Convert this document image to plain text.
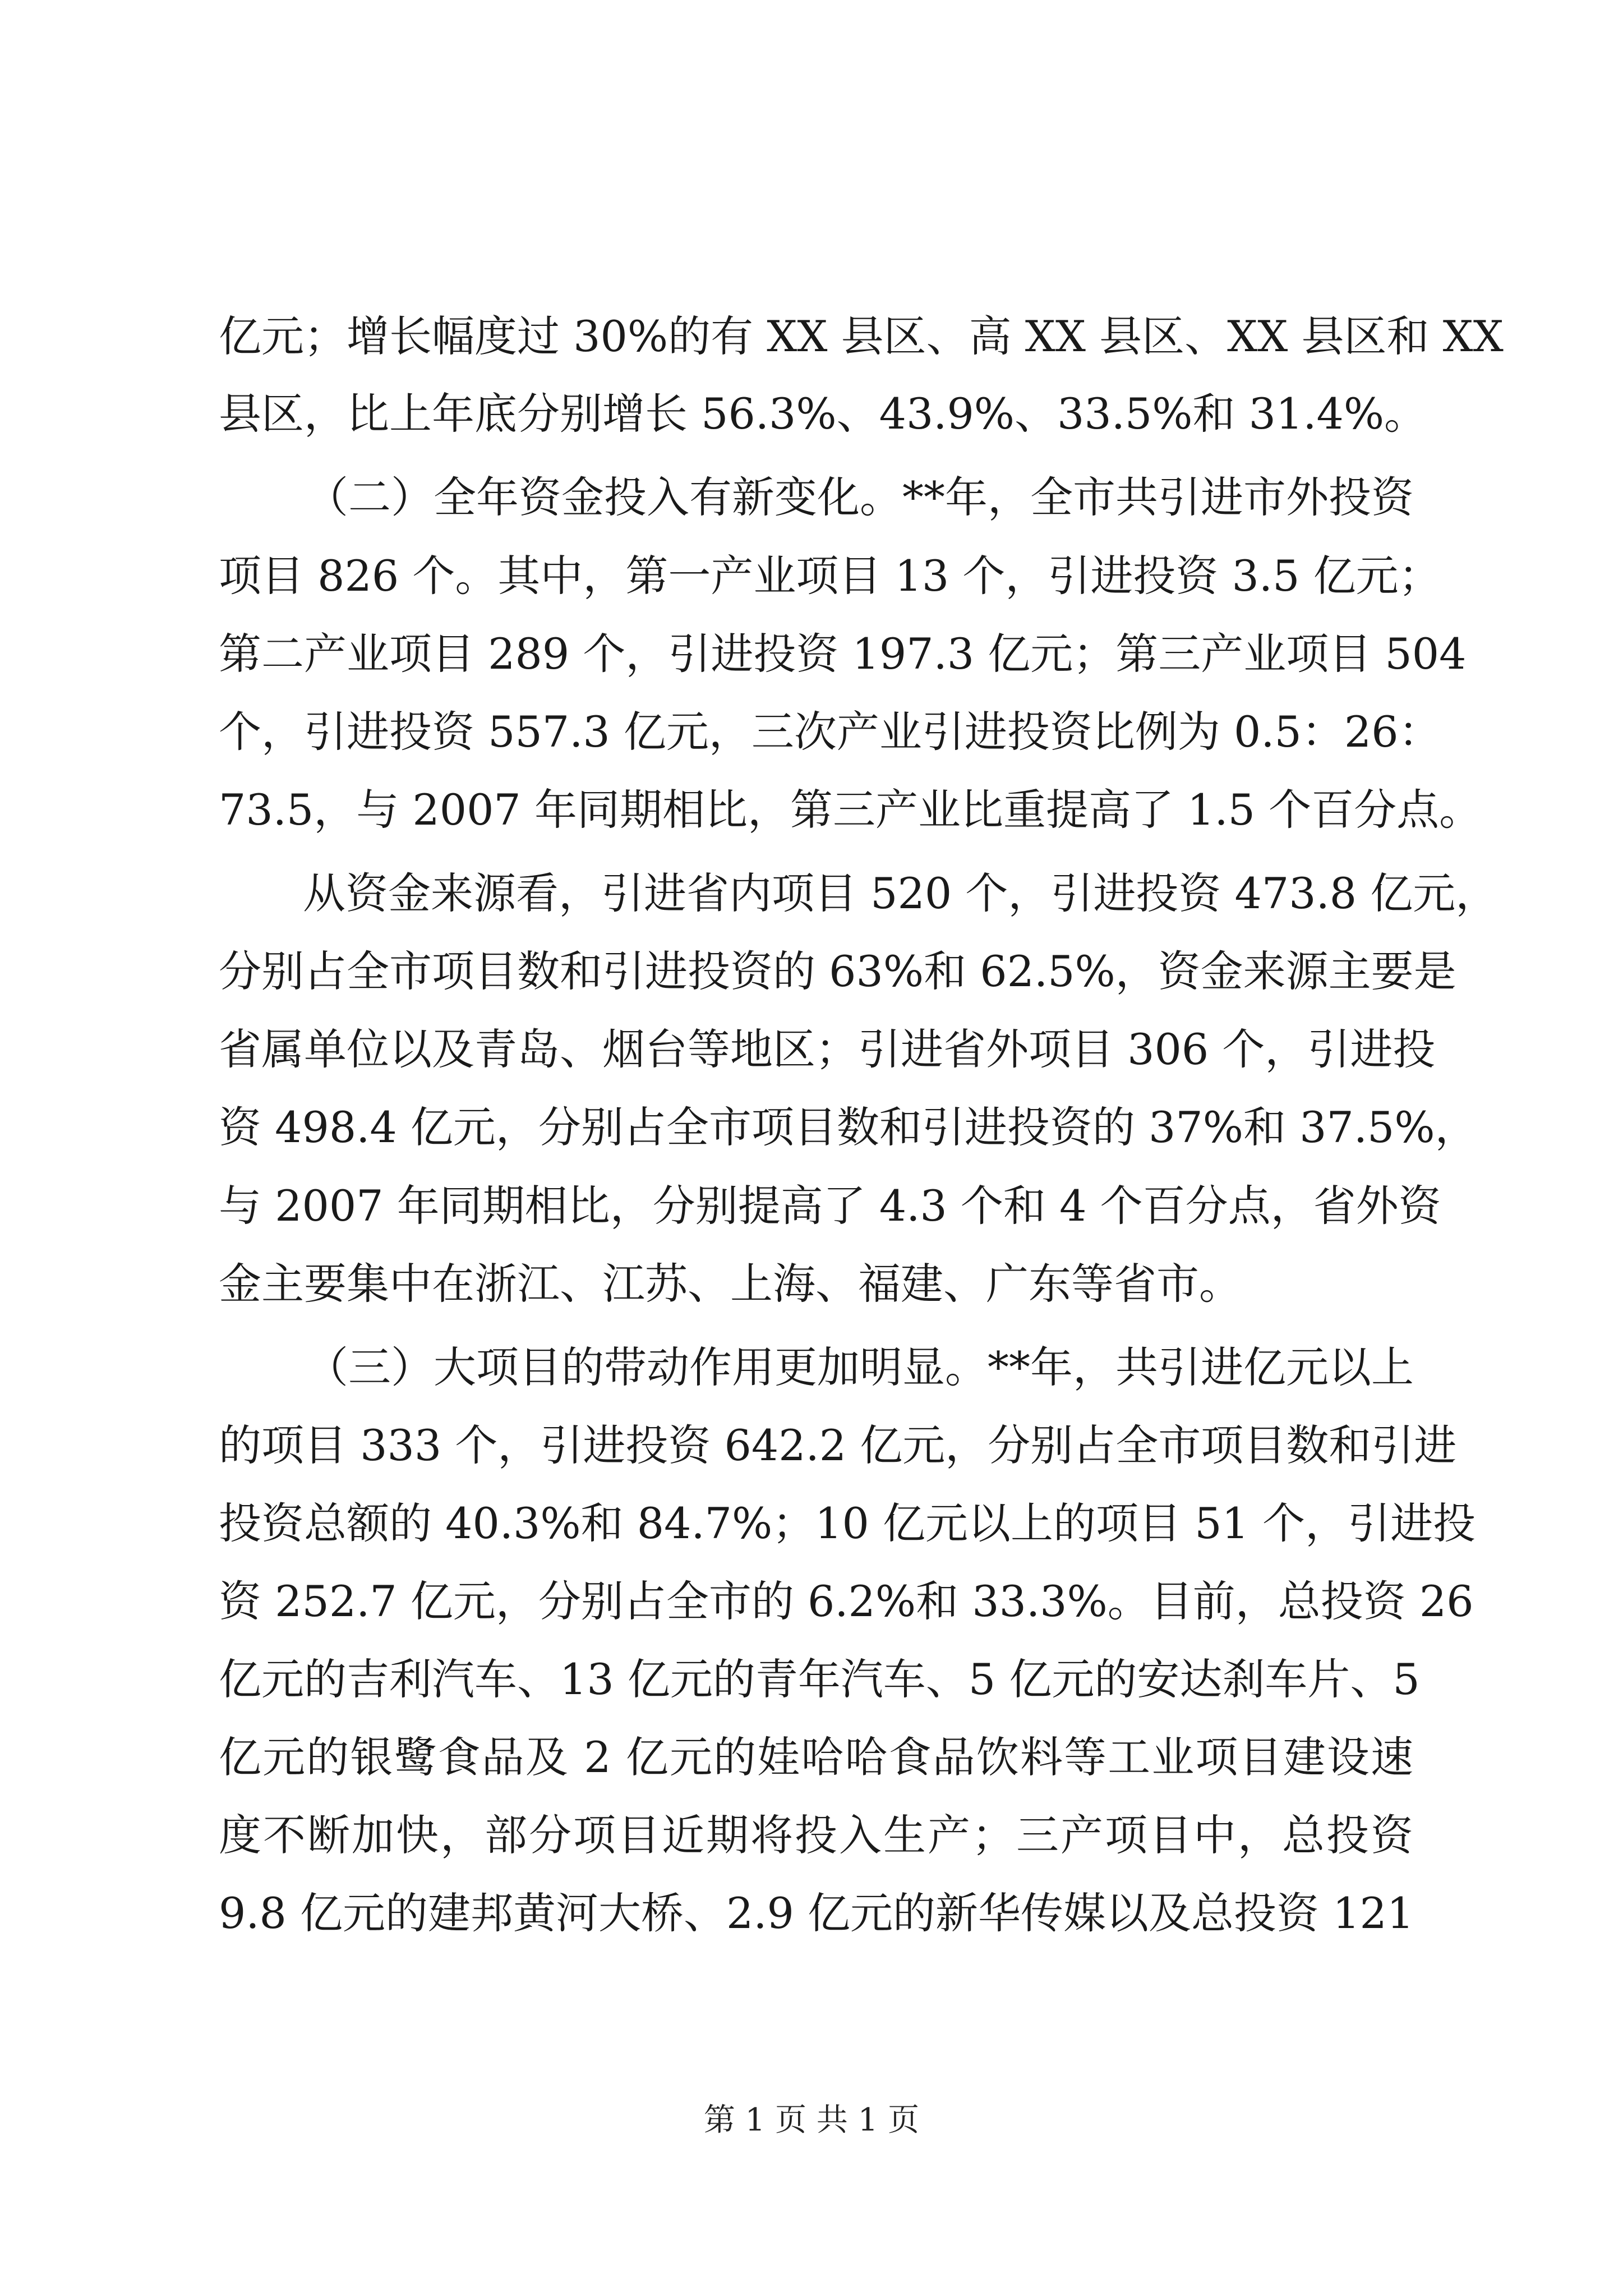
亿元；增长幅度过 30%的有 XX 县区、高 XX 县区、XX 县区和 XX
县区，比上年底分别增长 56.3%、43.9%、33.5%和 31.4%。
（二）全年资金投入有新变化。**年，全市共引进市外投资
项目 826 个。其中，第一产业项目 13 个，引进投资 3.5 亿元；
第二产业项目 289 个，引进投资 197.3 亿元；第三产业项目 504
个，引进投资 557.3 亿元，三次产业引进投资比例为 0.5：26：
73.5，与 2007 年同期相比，第三产业比重提高了 1.5 个百分点。
从资金来源看，引进省内项目 520 个，引进投资 473.8 亿元，
分别占全市项目数和引进投资的 63%和 62.5%，资金来源主要是
省属单位以及青岛、烟台等地区；引进省外项目 306 个，引进投
资 498.4 亿元，分别占全市项目数和引进投资的 37%和 37.5%，
与 2007 年同期相比，分别提高了 4.3 个和 4 个百分点，省外资
金主要集中在浙江、江苏、上海、福建、广东等省市。
（三）大项目的带动作用更加明显。**年，共引进亿元以上
的项目 333 个，引进投资 642.2 亿元，分别占全市项目数和引进
投资总额的 40.3%和 84.7%；10 亿元以上的项目 51 个，引进投
资 252.7 亿元，分别占全市的 6.2%和 33.3%。目前，总投资 26
亿元的吉利汽车、13 亿元的青年汽车、5 亿元的安达刹车片、5
亿元的银鹭食品及 2 亿元的娃哈哈食品饮料等工业项目建设速
度不断加快，部分项目近期将投入生产；三产项目中，总投资
9.8 亿元的建邦黄河大桥、2.9 亿元的新华传媒以及总投资 121
第 1 页 共 1 页
